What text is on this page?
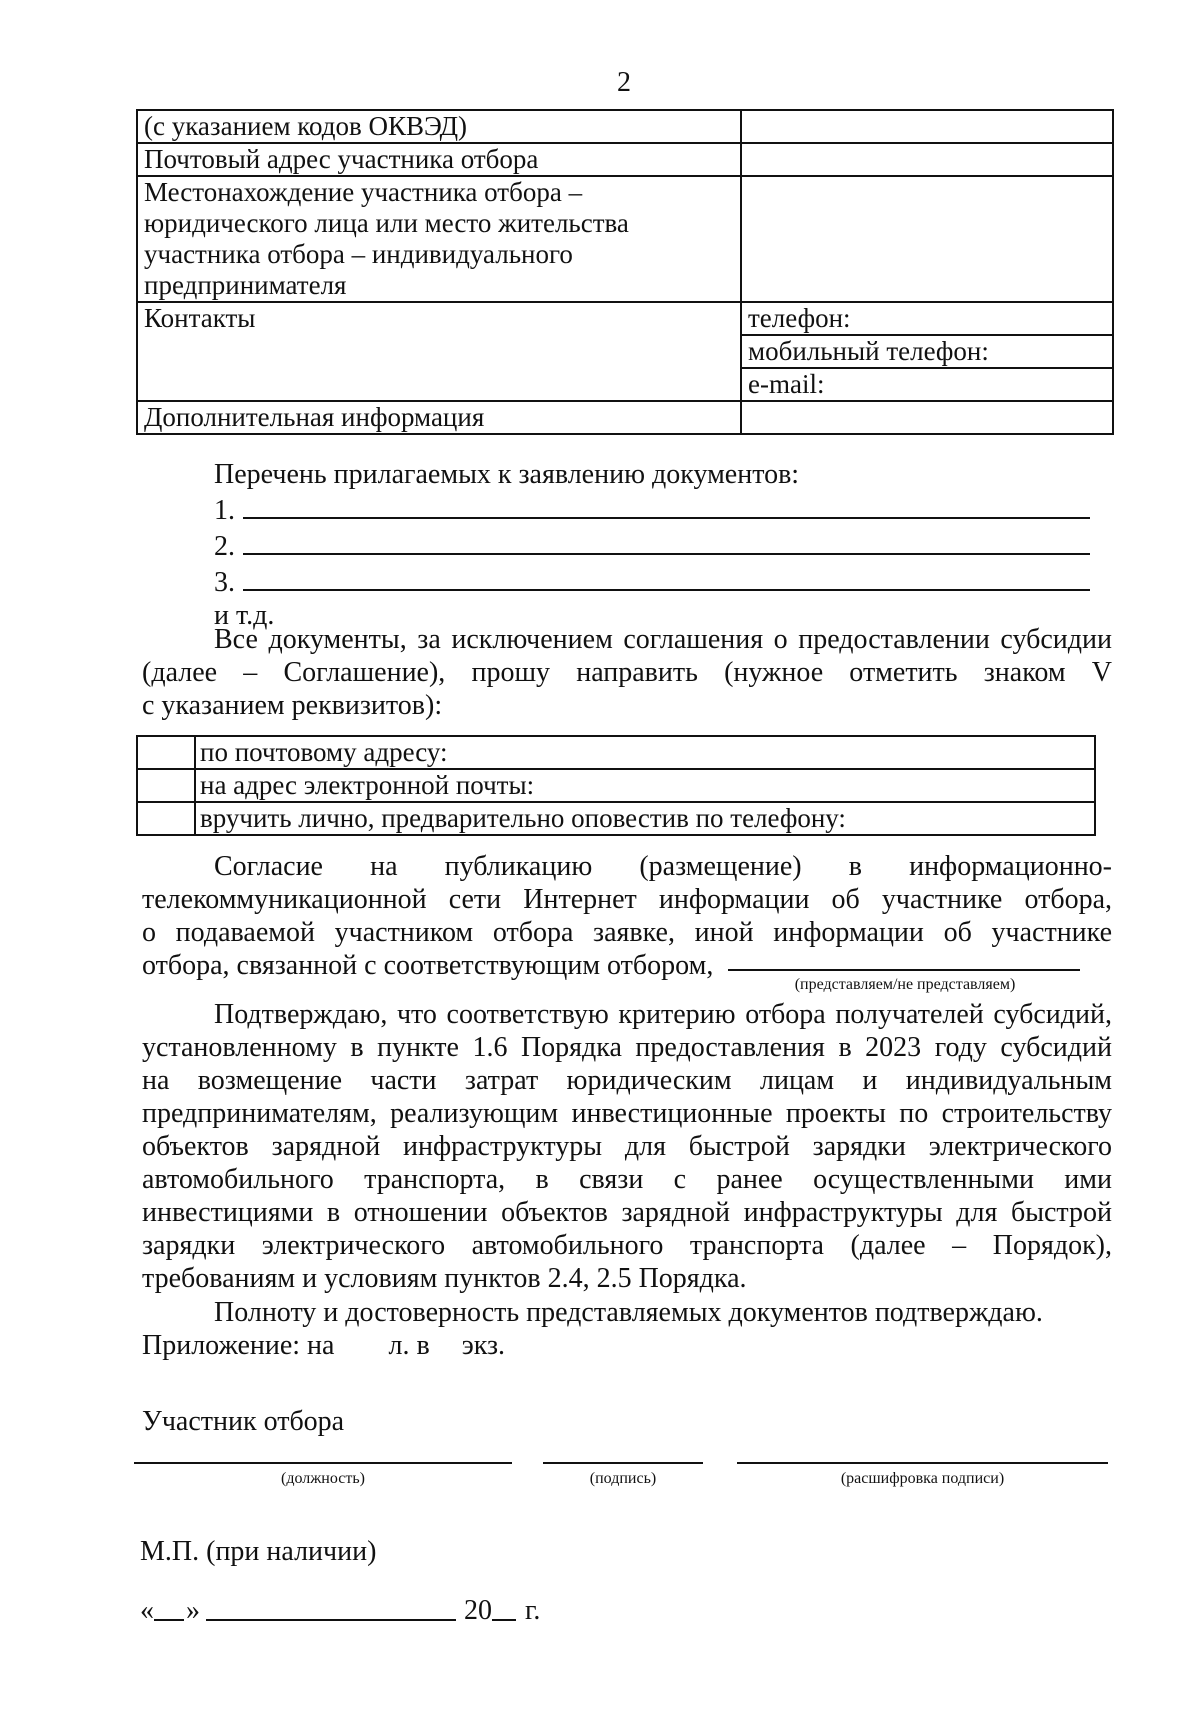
2
(с указанием кодов ОКВЭД)	
Почтовый адрес участника отбора	

Местонахождение участника отбора –
юридического лица или место жительства
участника отбора – индивидуального
предпринимателя	

Контакты	телефон:
	мобильный телефон:
	e-mail:
Дополнительная информация	
Перечень прилагаемых к заявлению документов:
1.
2.
3.
и т.д.
Все документы, за исключением соглашения о предоставлении субсидии
(далее – Соглашение), прошу направить (нужное отметить знаком V
с указанием реквизитов):
	по почтовому адресу:
	на адрес электронной почты:
	вручить лично, предварительно оповестив по телефону:
Согласие на публикацию (размещение) в информационно-
телекоммуникационной сети Интернет информации об участнике отбора,
о подаваемой участником отбора заявке, иной информации об участнике
отбора, связанной с соответствующим отбором,
(представляем/не представляем)
Подтверждаю, что соответствую критерию отбора получателей субсидий,
установленному в пункте 1.6 Порядка предоставления в 2023 году субсидий
на возмещение части затрат юридическим лицам и индивидуальным
предпринимателям, реализующим инвестиционные проекты по строительству
объектов зарядной инфраструктуры для быстрой зарядки электрического
автомобильного транспорта, в связи с ранее осуществленными ими
инвестициями в отношении объектов зарядной инфраструктуры для быстрой
зарядки электрического автомобильного транспорта (далее – Порядок),
требованиям и условиям пунктов 2.4, 2.5 Порядка.
Полноту и достоверность представляемых документов подтверждаю.
Приложение: на л. в экз.
Участник отбора
(должность)	(подпись)	(расшифровка подписи)
М.П. (при наличии)
« »	20 г.
